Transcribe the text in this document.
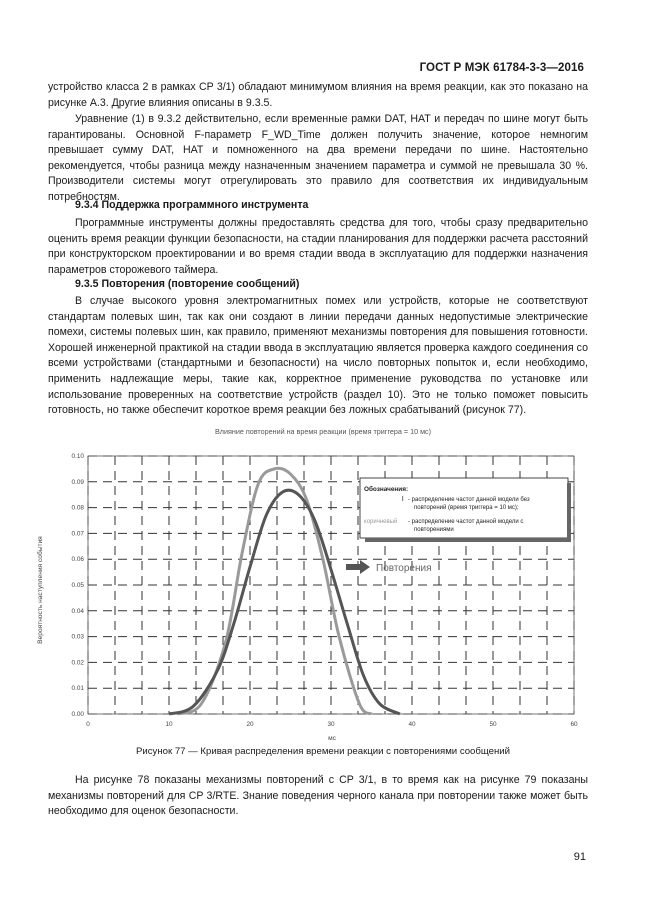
ГОСТ Р МЭК 61784-3-3—2016

устройство класса 2 в рамках CP 3/1) обладают минимумом влияния на время реакции, как это показано на рисунке А.3. Другие влияния описаны в 9.3.5.

Уравнение (1) в 9.3.2 действительно, если временные рамки DAT, HAT и передач по шине могут быть гарантированы. Основной F-параметр F_WD_Time должен получить значение, которое немногим превышает сумму DAT, HAT и помноженного на два времени передачи по шине. Настоятельно рекомендуется, чтобы разница между назначенным значением параметра и суммой не превышала 30 %. Производители системы могут отрегулировать это правило для соответствия их индивидуальным потребностям.

9.3.4 Поддержка программного инструмента

Программные инструменты должны предоставлять средства для того, чтобы сразу предварительно оценить время реакции функции безопасности, на стадии планирования для поддержки расчета расстояний при конструкторском проектировании и во время стадии ввода в эксплуатацию для поддержки назначения параметров сторожевого таймера.

9.3.5 Повторения (повторение сообщений)

В случае высокого уровня электромагнитных помех или устройств, которые не соответствуют стандартам полевых шин, так как они создают в линии передачи данных недопустимые электрические помехи, системы полевых шин, как правило, применяют механизмы повторения для повышения готовности. Хорошей инженерной практикой на стадии ввода в эксплуатацию является проверка каждого соединения со всеми устройствами (стандартными и безопасности) на число повторных попыток и, если необходимо, применить надлежащие меры, такие как, корректное применение руководства по установке или использование проверенных на соответствие устройств (раздел 10). Это не только поможет повысить готовность, но также обеспечит короткое время реакции без ложных срабатываний (рисунок 77).

Влияние повторений на время реакции (время триггера = 10 мс)
0.00
0.01
0.02
0.03
0.04
0.05
0.06
0.07
0.08
0.09
0.10
0	10	20	30	40	50	60
Вероятность наступления события
мс
Обозначения:
- распределение частот данной модели без повторений (время триггера = 10 мс);
коричневый - распределение частот данной модели с повторениями
Повторения
Рисунок 77 — Кривая распределения времени реакции с повторениями сообщений

На рисунке 78 показаны механизмы повторений с CP 3/1, в то время как на рисунке 79 показаны механизмы повторений для CP 3/RTE. Знание поведения черного канала при повторении также может быть необходимо для оценок безопасности.

91
